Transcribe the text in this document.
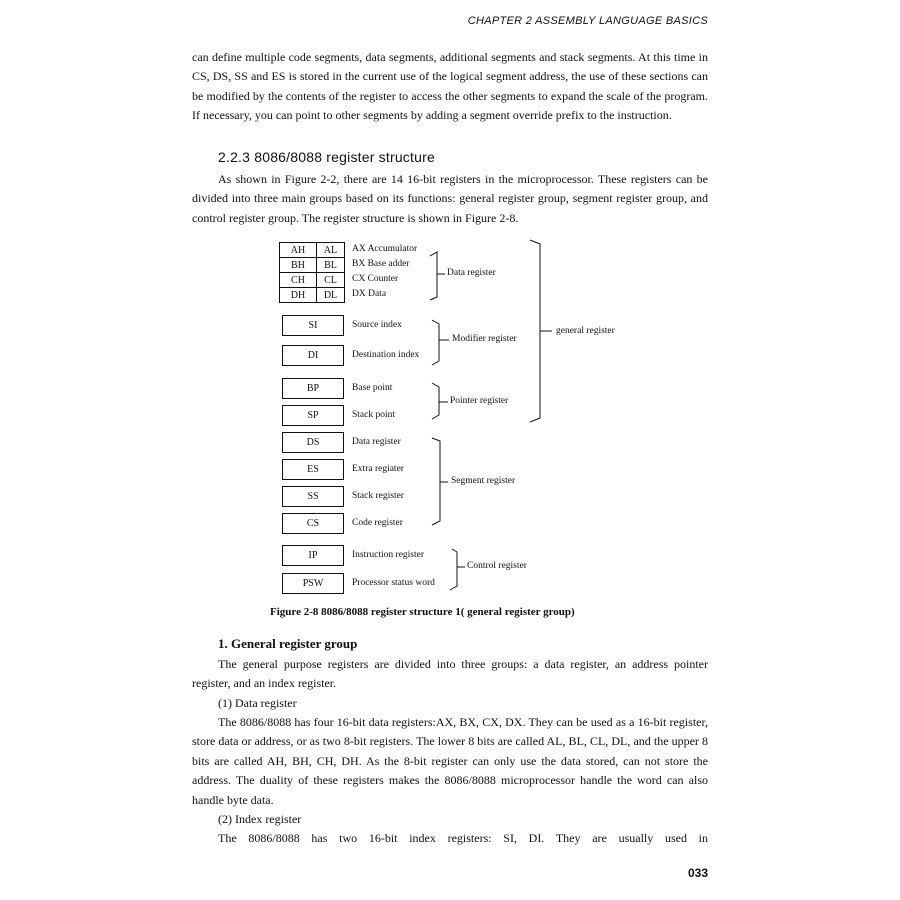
CHAPTER 2 ASSEMBLY LANGUAGE BASICS

can define multiple code segments, data segments, additional segments and stack segments. At this time in CS, DS, SS and ES is stored in the current use of the logical segment address, the use of these sections can be modified by the contents of the register to access the other segments to expand the scale of the program. If necessary, you can point to other segments by adding a segment override prefix to the instruction.

2.2.3 8086/8088 register structure

As shown in Figure 2-2, there are 14 16-bit registers in the microprocessor. These registers can be divided into three main groups based on its functions: general register group, segment register group, and control register group. The register structure is shown in Figure 2-8.

AH	AL	AX Accumulator
BH	BL	BX Base adder
CH	CL	CX Counter
DH	DL	DX Data
SI	Source index
DI	Destination index
BP	Base point
SP	Stack point
DS	Data register
ES	Extra regiater
SS	Stack register
CS	Code register
IP	Instruction register
PSW	Processor status word
Data register
Modifier register
Pointer register
Segment register
Control register
general register
Figure 2-8 8086/8088 register structure 1( general register group)
1. General register group

The general purpose registers are divided into three groups: a data register, an address pointer register, and an index register.

(1) Data register

The 8086/8088 has four 16-bit data registers:AX, BX, CX, DX. They can be used as a 16-bit register, store data or address, or as two 8-bit registers. The lower 8 bits are called AL, BL, CL, DL, and the upper 8 bits are called AH, BH, CH, DH. As the 8-bit register can only use the data stored, can not store the address. The duality of these registers makes the 8086/8088 microprocessor handle the word can also handle byte data.

(2) Index register

The 8086/8088 has two 16-bit index registers: SI, DI. They are usually used in

033
